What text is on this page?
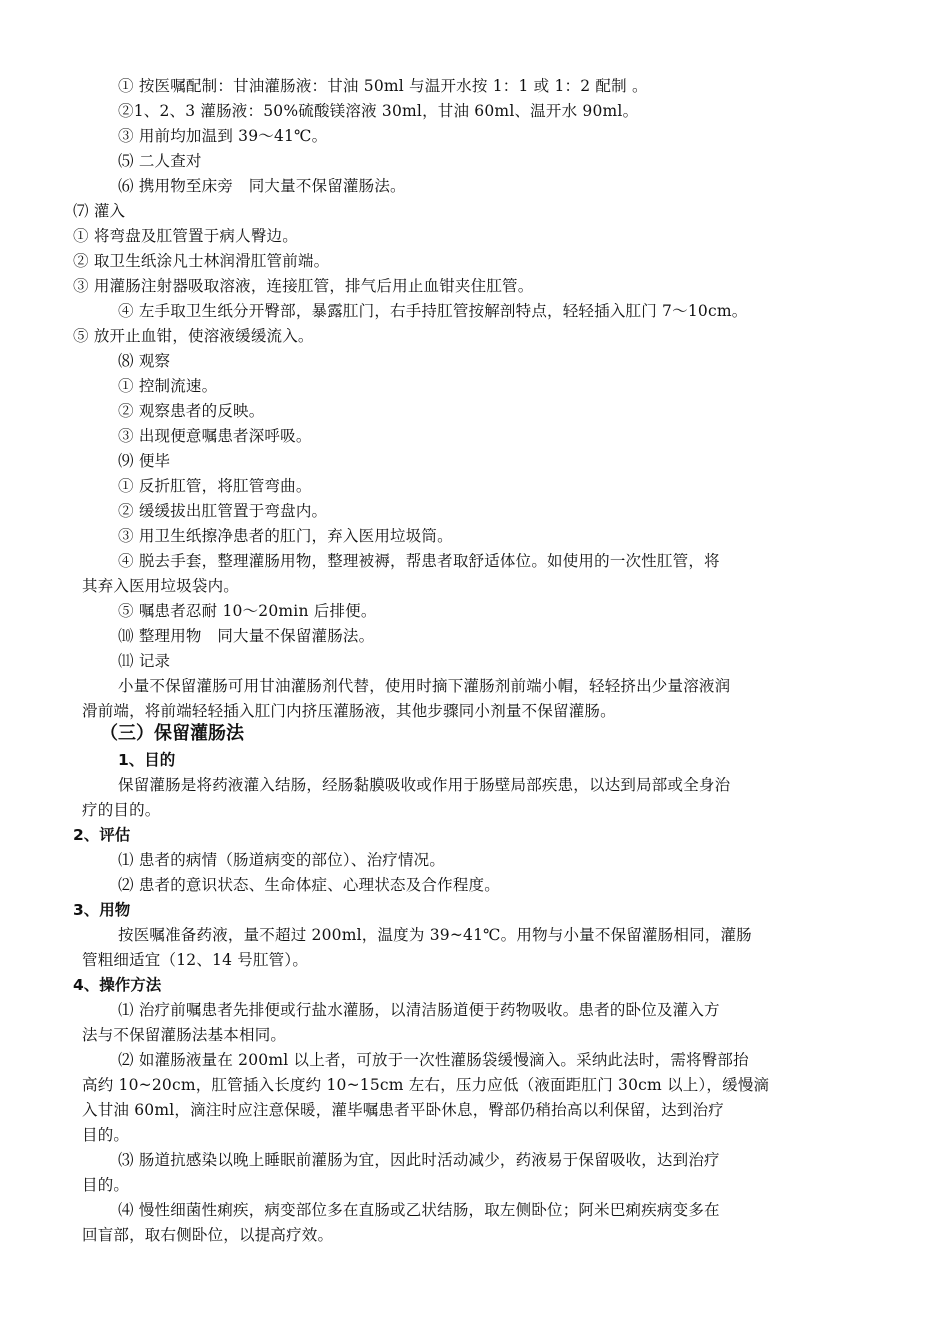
① 按医嘱配制：甘油灌肠液：甘油 50ml 与温开水按 1：1 或 1：2 配制 。
②1、2、3 灌肠液：50%硫酸镁溶液 30ml，甘油 60ml、温开水 90ml。
③ 用前均加温到 39～41℃。
⑸ 二人查对
⑹ 携用物至床旁　同大量不保留灌肠法。
⑺ 灌入
① 将弯盘及肛管置于病人臀边。
② 取卫生纸涂凡士林润滑肛管前端。
③ 用灌肠注射器吸取溶液，连接肛管，排气后用止血钳夹住肛管。
④ 左手取卫生纸分开臀部，暴露肛门，右手持肛管按解剖特点，轻轻插入肛门 7～10cm。
⑤ 放开止血钳，使溶液缓缓流入。
⑻ 观察
① 控制流速。
② 观察患者的反映。
③ 出现便意嘱患者深呼吸。
⑼ 便毕
① 反折肛管，将肛管弯曲。
② 缓缓拔出肛管置于弯盘内。
③ 用卫生纸擦净患者的肛门，弃入医用垃圾筒。
④ 脱去手套，整理灌肠用物，整理被褥，帮患者取舒适体位。如使用的一次性肛管，将
其弃入医用垃圾袋内。
⑤ 嘱患者忍耐 10～20min 后排便。
⑽ 整理用物　同大量不保留灌肠法。
⑾ 记录
小量不保留灌肠可用甘油灌肠剂代替，使用时摘下灌肠剂前端小帽，轻轻挤出少量溶液润
滑前端，将前端轻轻插入肛门内挤压灌肠液，其他步骤同小剂量不保留灌肠。
（三）保留灌肠法
1、目的
保留灌肠是将药液灌入结肠，经肠黏膜吸收或作用于肠壁局部疾患，以达到局部或全身治
疗的目的。
2、评估
⑴ 患者的病情（肠道病变的部位）、治疗情况。
⑵ 患者的意识状态、生命体症、心理状态及合作程度。
3、用物
按医嘱准备药液，量不超过 200ml，温度为 39~41℃。用物与小量不保留灌肠相同，灌肠
管粗细适宜（12、14 号肛管）。
4、操作方法
⑴ 治疗前嘱患者先排便或行盐水灌肠，以清洁肠道便于药物吸收。患者的卧位及灌入方
法与不保留灌肠法基本相同。
⑵ 如灌肠液量在 200ml 以上者，可放于一次性灌肠袋缓慢滴入。采纳此法时，需将臀部抬
高约 10~20cm，肛管插入长度约 10~15cm 左右，压力应低（液面距肛门 30cm 以上），缓慢滴
入甘油 60ml，滴注时应注意保暖，灌毕嘱患者平卧休息，臀部仍稍抬高以利保留，达到治疗
目的。
⑶ 肠道抗感染以晚上睡眠前灌肠为宜，因此时活动减少，药液易于保留吸收，达到治疗
目的。
⑷ 慢性细菌性痢疾，病变部位多在直肠或乙状结肠，取左侧卧位；阿米巴痢疾病变多在
回盲部，取右侧卧位，以提高疗效。
